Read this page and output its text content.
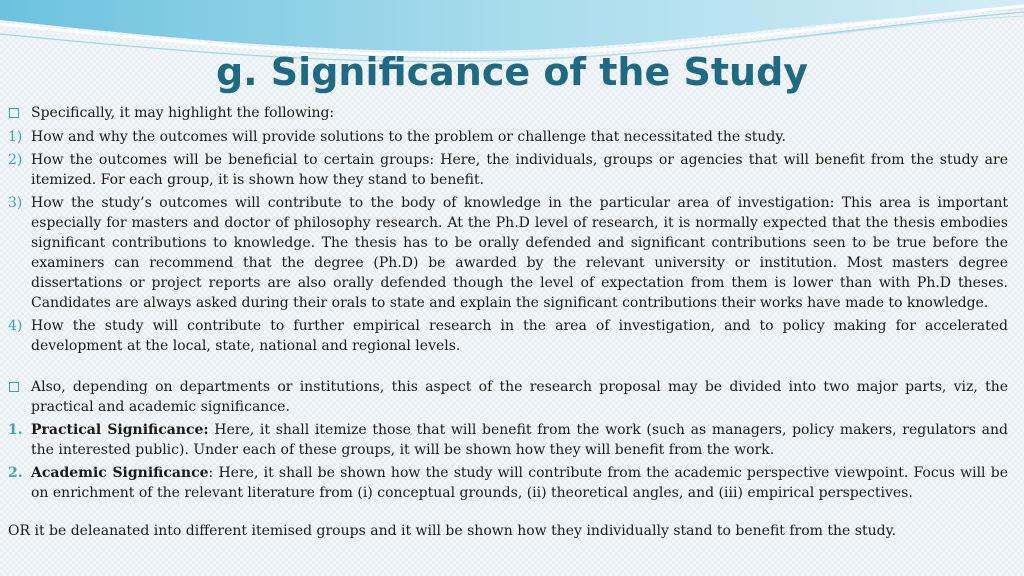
g. Significance of the Study
Specifically, it may highlight the following:
1) How and why the outcomes will provide solutions to the problem or challenge that necessitated the study.
2) How the outcomes will be beneficial to certain groups: Here, the individuals, groups or agencies that will benefit from the study are itemized. For each group, it is shown how they stand to benefit.
3) How the study’s outcomes will contribute to the body of knowledge in the particular area of investigation: This area is important especially for masters and doctor of philosophy research. At the Ph.D level of research, it is normally expected that the thesis embodies significant contributions to knowledge. The thesis has to be orally defended and significant contributions seen to be true before the examiners can recommend that the degree (Ph.D) be awarded by the relevant university or institution. Most masters degree dissertations or project reports are also orally defended though the level of expectation from them is lower than with Ph.D theses. Candidates are always asked during their orals to state and explain the significant contributions their works have made to knowledge.
4) How the study will contribute to further empirical research in the area of investigation, and to policy making for accelerated development at the local, state, national and regional levels.
Also, depending on departments or institutions, this aspect of the research proposal may be divided into two major parts, viz, the practical and academic significance.
1. Practical Significance: Here, it shall itemize those that will benefit from the work (such as managers, policy makers, regulators and the interested public). Under each of these groups, it will be shown how they will benefit from the work.
2. Academic Significance: Here, it shall be shown how the study will contribute from the academic perspective viewpoint. Focus will be on enrichment of the relevant literature from (i) conceptual grounds, (ii) theoretical angles, and (iii) empirical perspectives.
OR it be deleanated into different itemised groups and it will be shown how they individually stand to benefit from the study.
